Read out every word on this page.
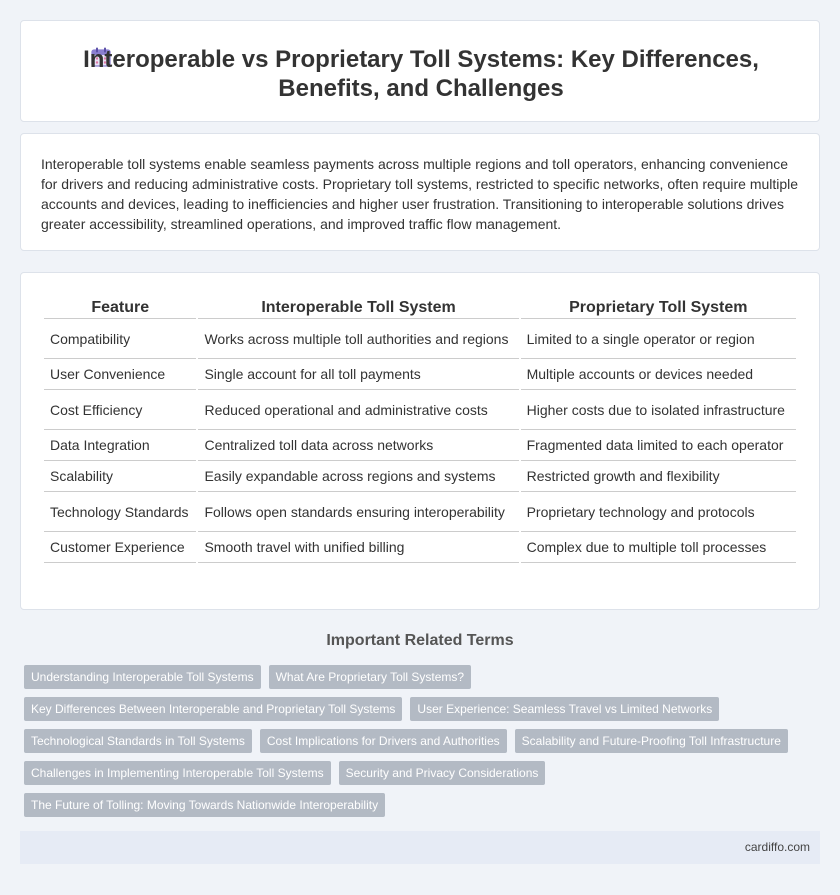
Interoperable vs Proprietary Toll Systems: Key Differences,
Benefits, and Challenges

Interoperable toll systems enable seamless payments across multiple regions and toll operators, enhancing convenience for drivers and reducing administrative costs. Proprietary toll systems, restricted to specific networks, often require multiple accounts and devices, leading to inefficiencies and higher user frustration. Transitioning to interoperable solutions drives greater accessibility, streamlined operations, and improved traffic flow management.

Feature	Interoperable Toll System	Proprietary Toll System
Compatibility	Works across multiple toll authorities and regions	Limited to a single operator or region
User Convenience	Single account for all toll payments	Multiple accounts or devices needed
Cost Efficiency	Reduced operational and administrative costs	Higher costs due to isolated infrastructure
Data Integration	Centralized toll data across networks	Fragmented data limited to each operator
Scalability	Easily expandable across regions and systems	Restricted growth and flexibility
Technology Standards	Follows open standards ensuring interoperability	Proprietary technology and protocols
Customer Experience	Smooth travel with unified billing	Complex due to multiple toll processes
Important Related Terms
Understanding Interoperable Toll Systems	What Are Proprietary Toll Systems?
Key Differences Between Interoperable and Proprietary Toll Systems	User Experience: Seamless Travel vs Limited Networks
Technological Standards in Toll Systems	Cost Implications for Drivers and Authorities	Scalability and Future-Proofing Toll Infrastructure
Challenges in Implementing Interoperable Toll Systems	Security and Privacy Considerations
The Future of Tolling: Moving Towards Nationwide Interoperability
cardiffo.com
